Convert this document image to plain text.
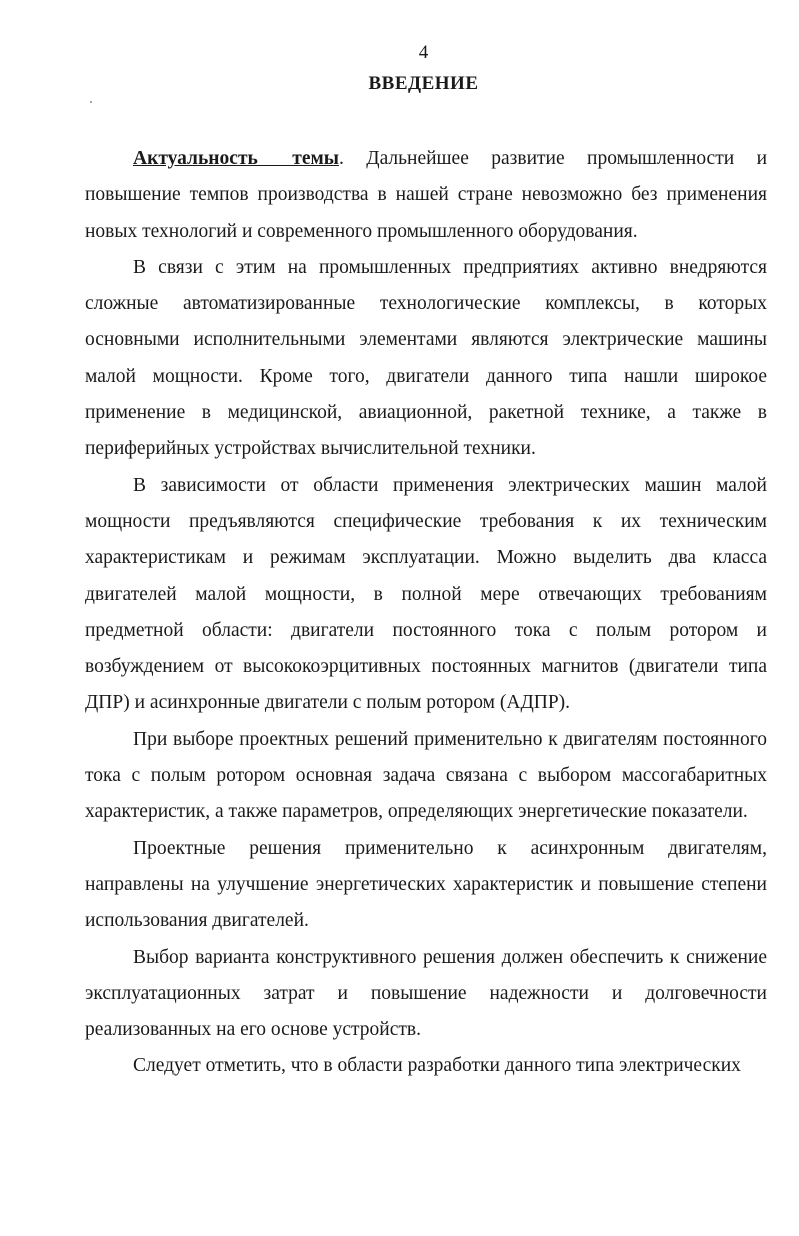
4
ВВЕДЕНИЕ

Актуальность темы. Дальнейшее развитие промышленности и повышение темпов производства в нашей стране невозможно без применения новых технологий и современного промышленного оборудования.

В связи с этим на промышленных предприятиях активно внедряются сложные автоматизированные технологические комплексы, в которых основными исполнительными элементами являются электрические машины малой мощности. Кроме того, двигатели данного типа нашли широкое применение в медицинской, авиационной, ракетной технике, а также в периферийных устройствах вычислительной техники.

В зависимости от области применения электрических машин малой мощности предъявляются специфические требования к их техническим характеристикам и режимам эксплуатации. Можно выделить два класса двигателей малой мощности, в полной мере отвечающих требованиям предметной области: двигатели постоянного тока с полым ротором и возбуждением от высококоэрцитивных постоянных магнитов (двигатели типа ДПР) и асинхронные двигатели с полым ротором (АДПР).

При выборе проектных решений применительно к двигателям постоянного тока с полым ротором основная задача связана с выбором массогабаритных характеристик, а также параметров, определяющих энергетические показатели.

Проектные решения применительно к асинхронным двигателям, направлены на улучшение энергетических характеристик и повышение степени использования двигателей.

Выбор варианта конструктивного решения должен обеспечить к снижение эксплуатационных затрат и повышение надежности и долговечности реализованных на его основе устройств.

Следует отметить, что в области разработки данного типа электрических
